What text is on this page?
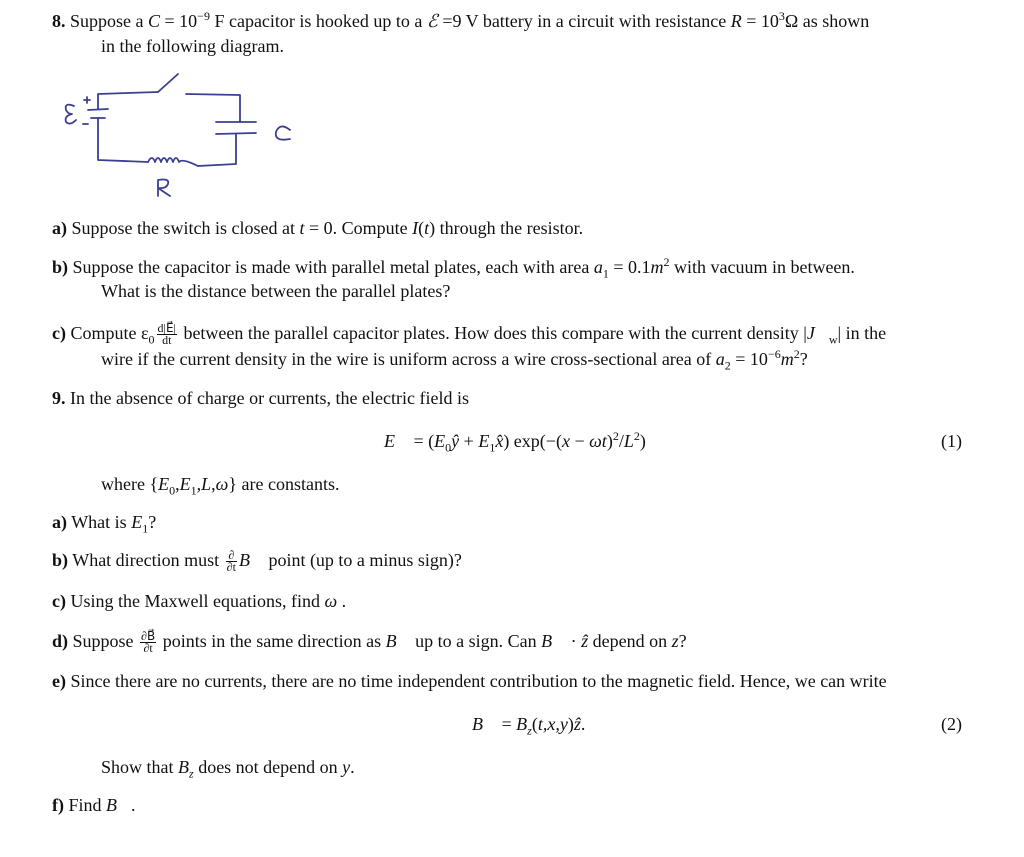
8. Suppose a $C = 10^{-9}$ F capacitor is hooked up to a ℰ =9 V battery in a circuit with resistance $R = 10^3\Omega$ as shown
in the following diagram.
a) Suppose the switch is closed at t = 0. Compute I(t) through the resistor.
b) Suppose the capacitor is made with parallel metal plates, each with area $a_1 = 0.1m^2$ with vacuum in between.
What is the distance between the parallel plates?
c) Compute $\varepsilon_0 \frac{d|E⃗|}{dt}$ between the parallel capacitor plates. How does this compare with the current density $|J⃗_w|$ in the
wire if the current density in the wire is uniform across a wire cross-sectional area of $a_2 = 10^{-6}m^2$?
9. In the absence of charge or currents, the electric field is
E⃗ = ($E_0ŷ$ + $E_1x̂$) $\exp(-(x - \omega t)^2/L^2)$	(1)
where $\{E_0,E_1,L,\omega\}$ are constants.
a) What is $E_1$?
b) What direction must $\frac{\partial}{\partial t}$ B⃗ point (up to a minus sign)?
c) Using the Maxwell equations, find ω .
d) Suppose $\frac{\partial B⃗}{\partial t}$ points in the same direction as B⃗ up to a sign. Can B⃗ · ẑ depend on z?
e) Since there are no currents, there are no time independent contribution to the magnetic field. Hence, we can write
B⃗ = $B_z(t,x,y)ẑ$.	(2)
Show that $B_z$ does not depend on y.
f) Find B⃗.
